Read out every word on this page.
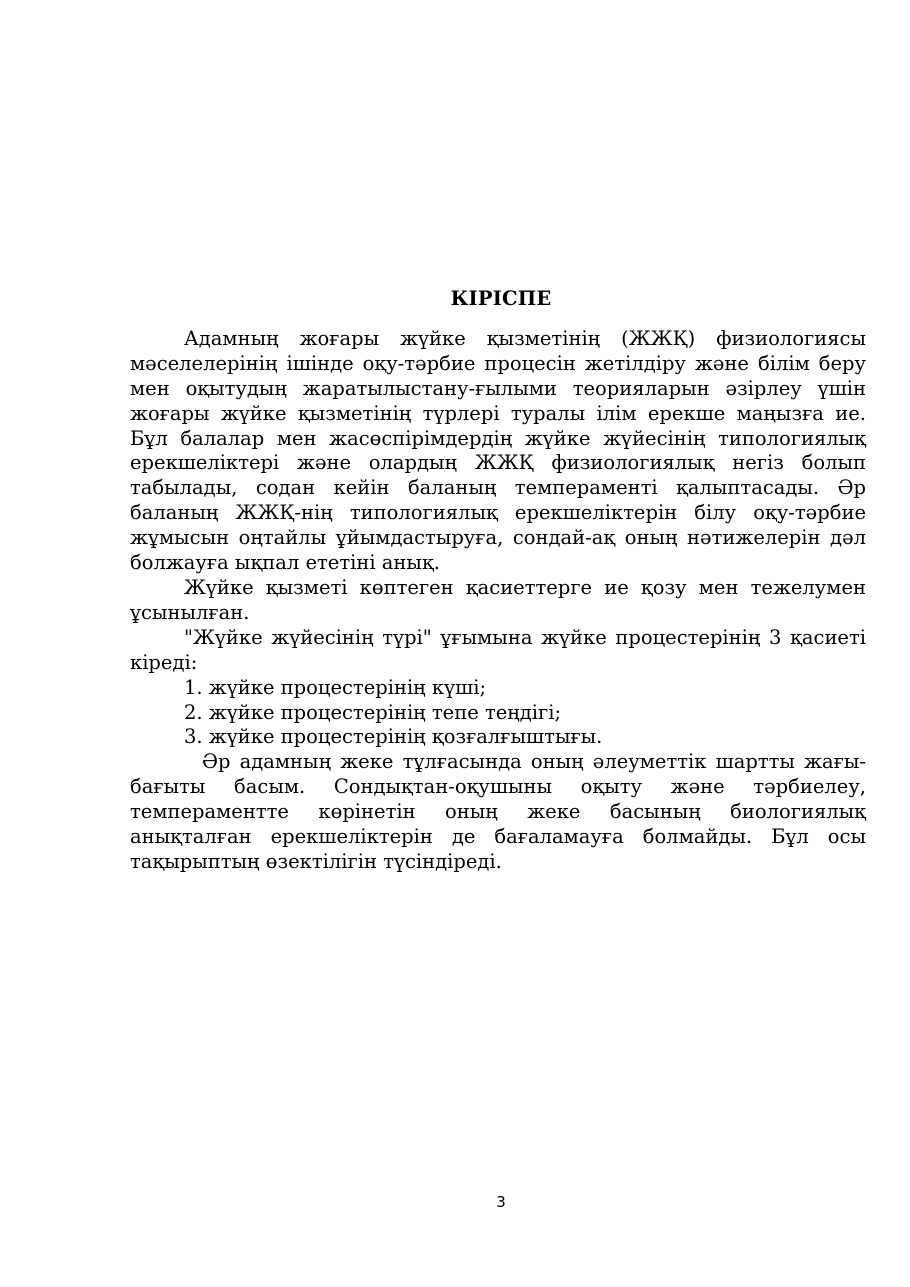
КІРІСПЕ

Адамның жоғары жүйке қызметінің (ЖЖҚ) физиологиясы мәселелерінің ішінде оқу-тәрбие процесін жетілдіру және білім беру мен оқытудың жаратылыстану-ғылыми теорияларын әзірлеу үшін жоғары жүйке қызметінің түрлері туралы ілім ерекше маңызға ие. Бұл балалар мен жасөспірімдердің жүйке жүйесінің типологиялық ерекшеліктері және олардың ЖЖҚ физиологиялық негіз болып табылады, содан кейін баланың темпераменті қалыптасады. Әр баланың ЖЖҚ-нің типологиялық ерекшеліктерін білу оқу-тәрбие жұмысын оңтайлы ұйымдастыруға, сондай-ақ оның нәтижелерін дәл болжауға ықпал ететіні анық.

Жүйке қызметі көптеген қасиеттерге ие қозу мен тежелумен ұсынылған.

"Жүйке жүйесінің түрі" ұғымына жүйке процестерінің 3 қасиеті кіреді:

1. жүйке процестерінің күші;

2. жүйке процестерінің тепе теңдігі;

3. жүйке процестерінің қозғалғыштығы.

Әр адамның жеке тұлғасында оның әлеуметтік шартты жағы-бағыты басым. Сондықтан-оқушыны оқыту және тәрбиелеу, темпераментте көрінетін оның жеке басының биологиялық анықталған ерекшеліктерін де бағаламауға болмайды. Бұл осы тақырыптың өзектілігін түсіндіреді.

3
